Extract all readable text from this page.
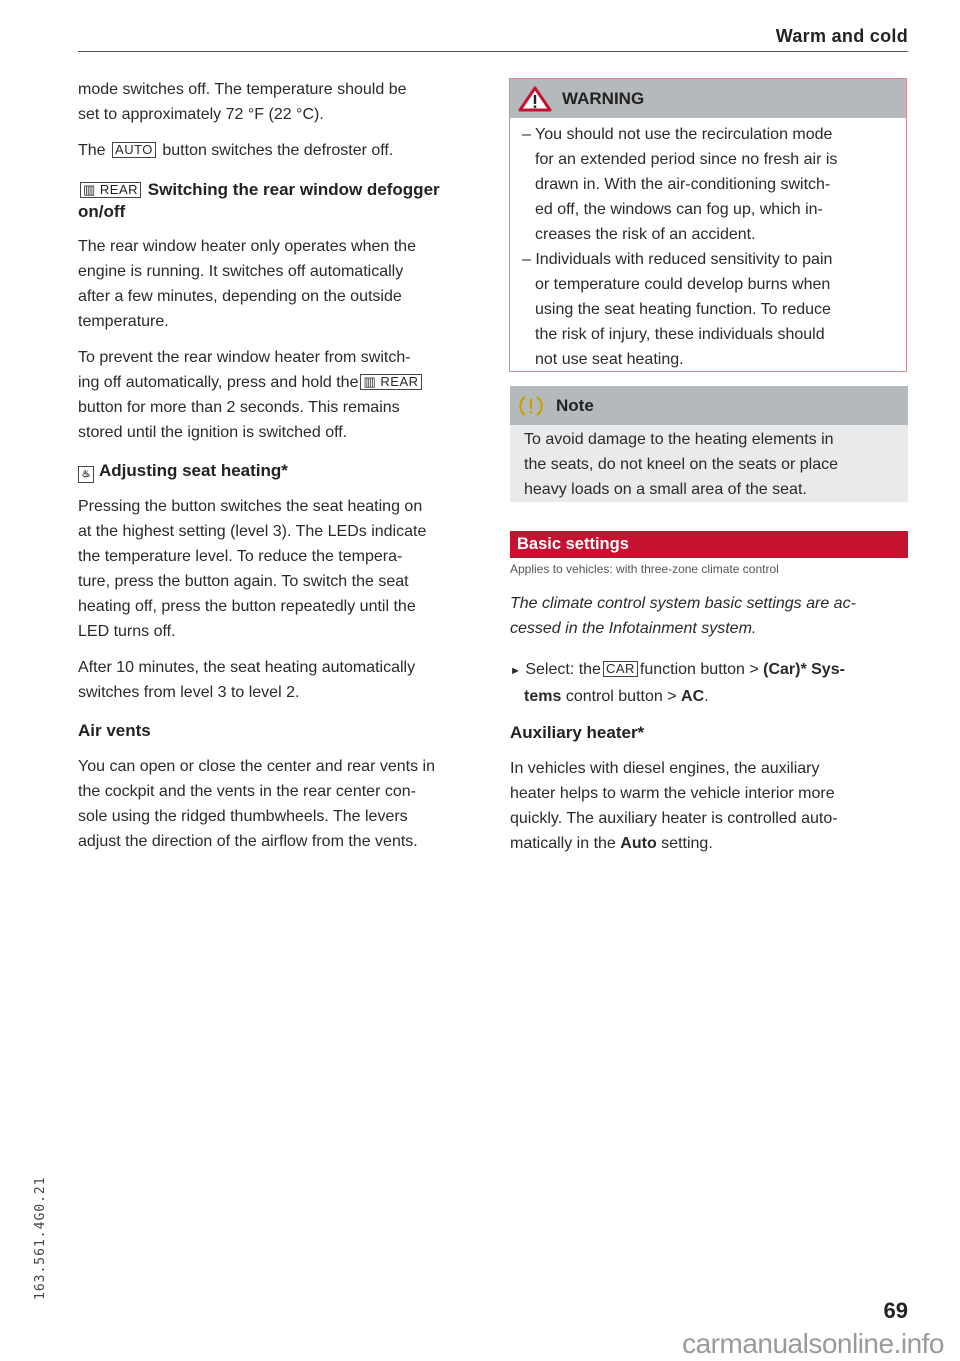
Warm and cold
mode switches off. The temperature should be
set to approximately 72 °F (22 °C).
The AUTO button switches the defroster off.
▥ REAR Switching the rear window defogger
on/off
The rear window heater only operates when the
engine is running. It switches off automatically
after a few minutes, depending on the outside
temperature.
To prevent the rear window heater from switch-
ing off automatically, press and hold the ▥ REAR
button for more than 2 seconds. This remains
stored until the ignition is switched off.
♨ Adjusting seat heating*
Pressing the button switches the seat heating on
at the highest setting (level 3). The LEDs indicate
the temperature level. To reduce the tempera-
ture, press the button again. To switch the seat
heating off, press the button repeatedly until the
LED turns off.
After 10 minutes, the seat heating automatically
switches from level 3 to level 2.
Air vents
You can open or close the center and rear vents in
the cockpit and the vents in the rear center con-
sole using the ridged thumbwheels. The levers
adjust the direction of the airflow from the vents.
WARNING
– You should not use the recirculation mode
for an extended period since no fresh air is
drawn in. With the air-conditioning switch-
ed off, the windows can fog up, which in-
creases the risk of an accident.
– Individuals with reduced sensitivity to pain
or temperature could develop burns when
using the seat heating function. To reduce
the risk of injury, these individuals should
not use seat heating.
Note
To avoid damage to the heating elements in
the seats, do not kneel on the seats or place
heavy loads on a small area of the seat.
Basic settings
Applies to vehicles: with three-zone climate control
The climate control system basic settings are ac-
cessed in the Infotainment system.
► Select: the CAR function button > (Car)* Sys-
tems control button > AC.
Auxiliary heater*
In vehicles with diesel engines, the auxiliary
heater helps to warm the vehicle interior more
quickly. The auxiliary heater is controlled auto-
matically in the Auto setting.
163.561.4G0.21
69
carmanualsonline.info
